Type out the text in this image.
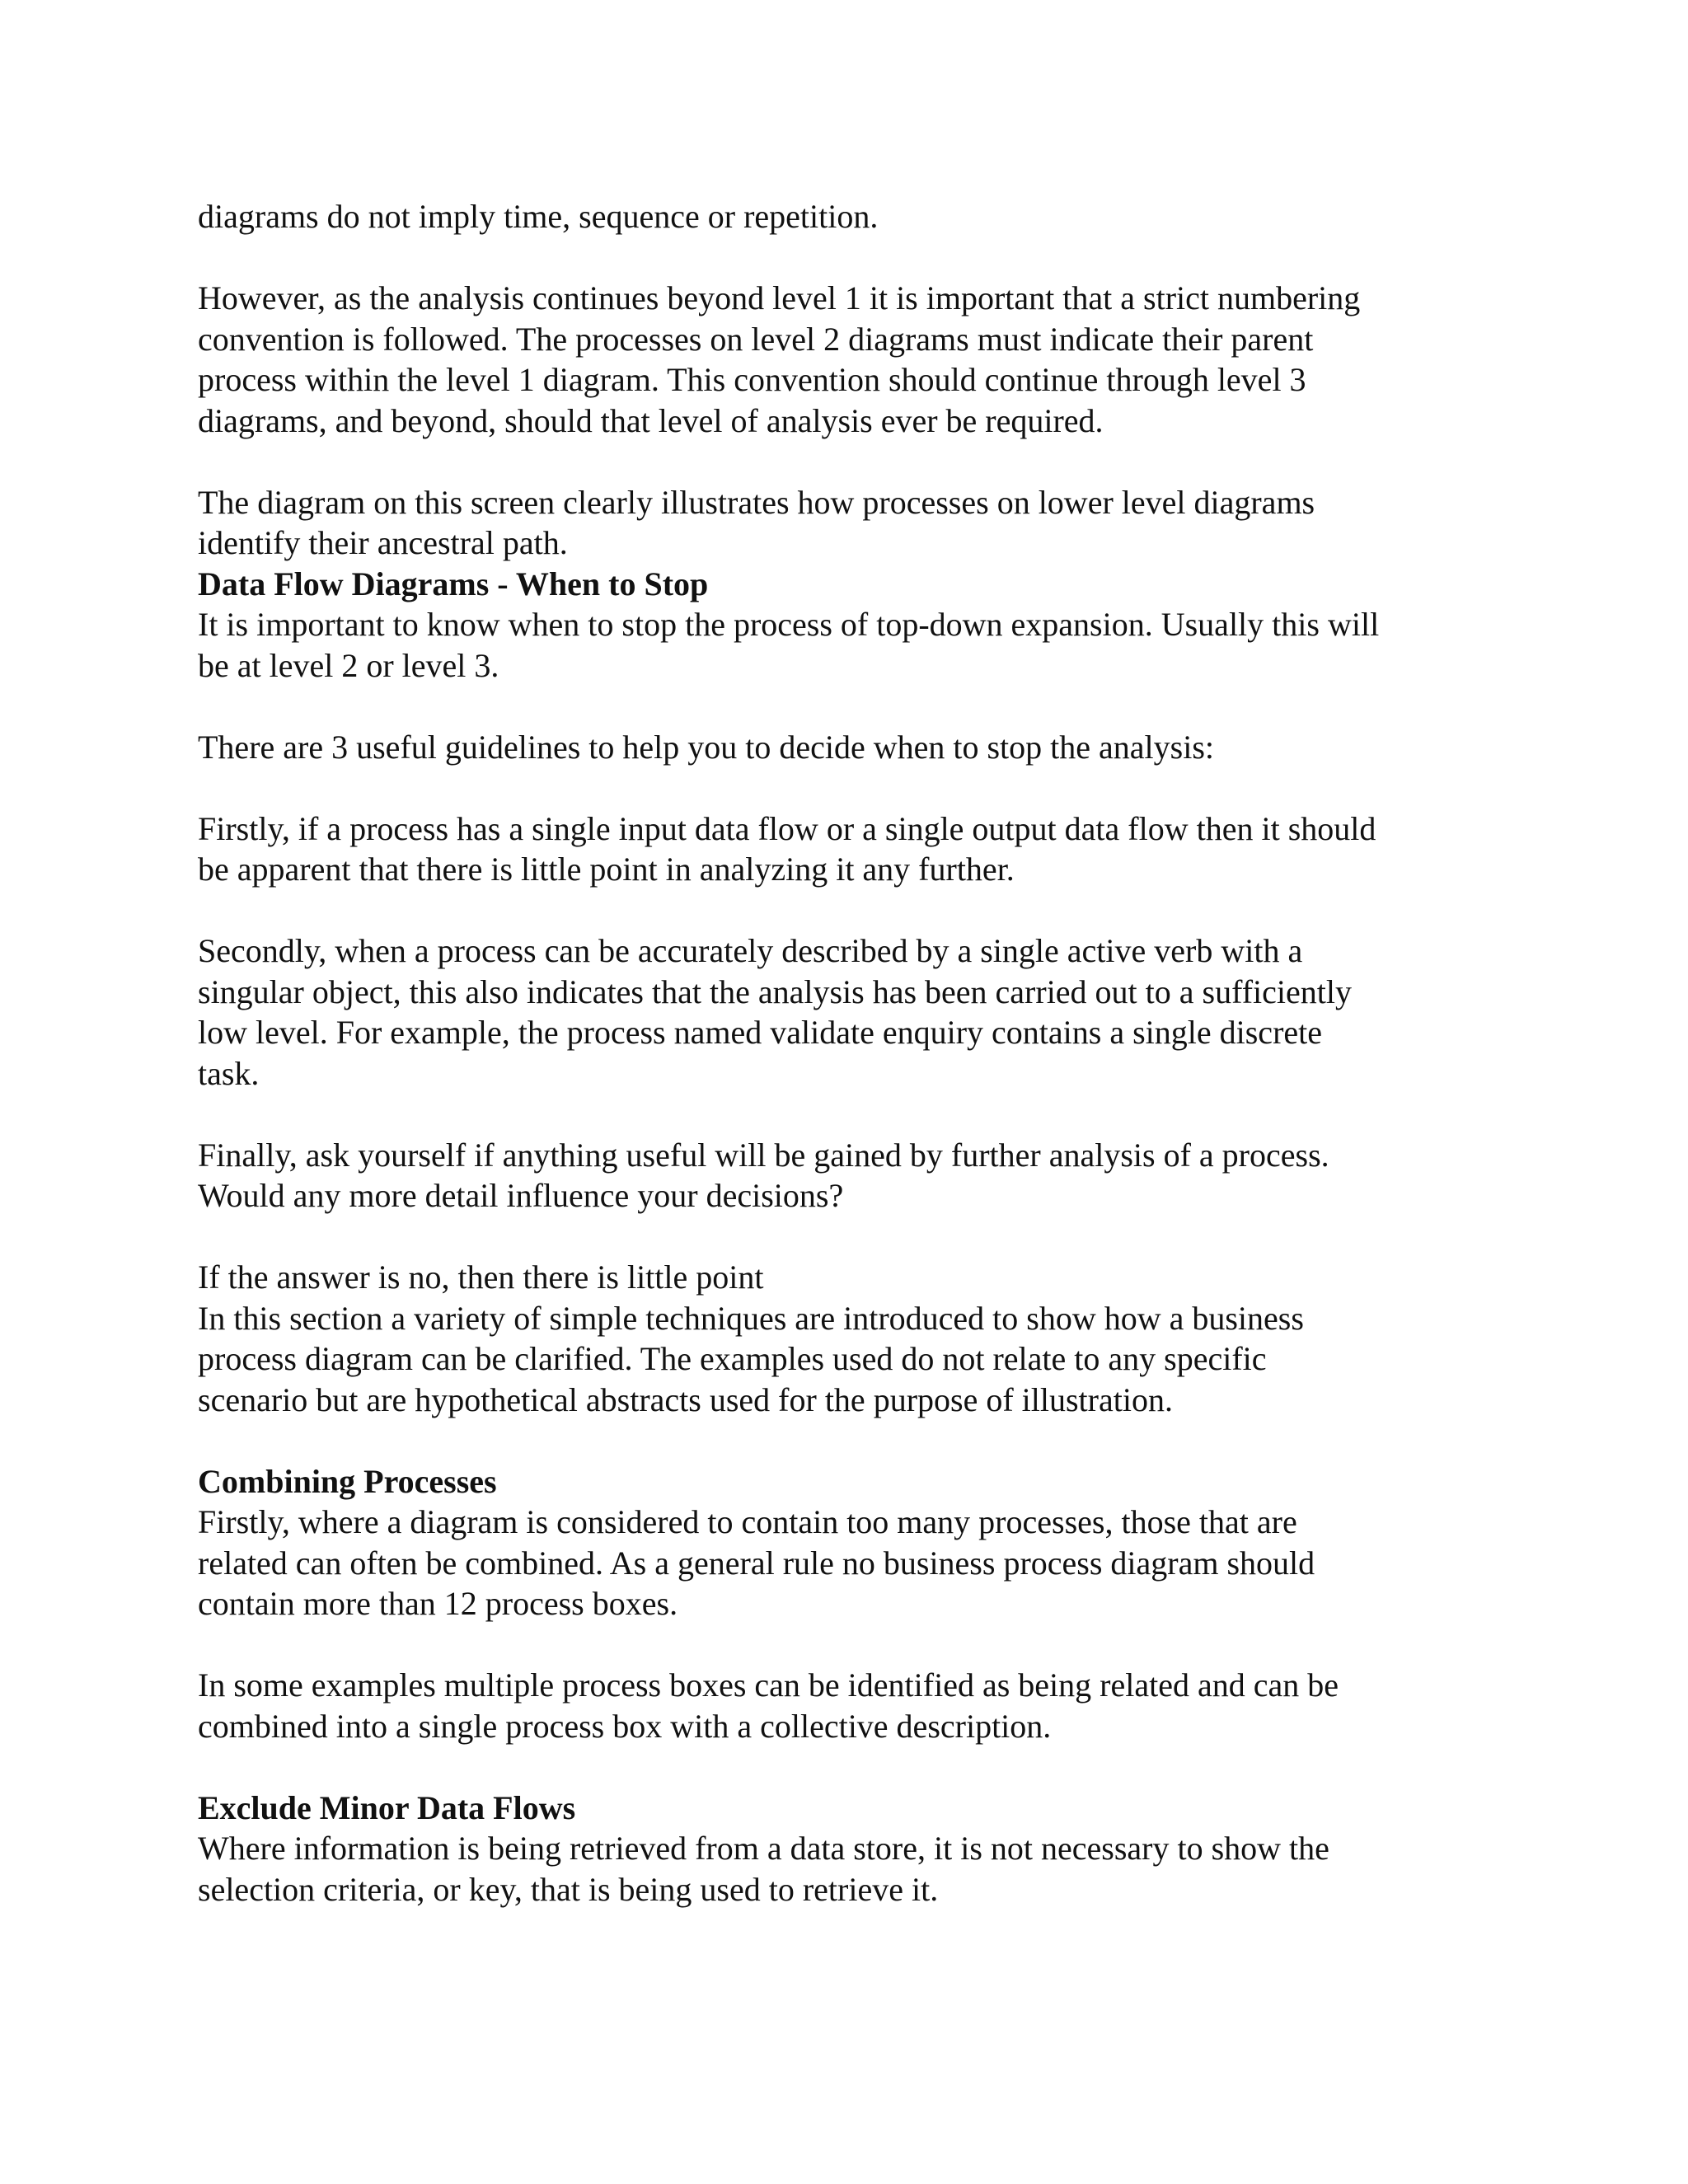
diagrams do not imply time, sequence or repetition.
However, as the analysis continues beyond level 1 it is important that a strict numbering
convention is followed. The processes on level 2 diagrams must indicate their parent
process within the level 1 diagram. This convention should continue through level 3
diagrams, and beyond, should that level of analysis ever be required.
The diagram on this screen clearly illustrates how processes on lower level diagrams
identify their ancestral path.
Data Flow Diagrams - When to Stop
It is important to know when to stop the process of top-down expansion. Usually this will
be at level 2 or level 3.
There are 3 useful guidelines to help you to decide when to stop the analysis:
Firstly, if a process has a single input data flow or a single output data flow then it should
be apparent that there is little point in analyzing it any further.
Secondly, when a process can be accurately described by a single active verb with a
singular object, this also indicates that the analysis has been carried out to a sufficiently
low level. For example, the process named validate enquiry contains a single discrete
task.
Finally, ask yourself if anything useful will be gained by further analysis of a process.
Would any more detail influence your decisions?
If the answer is no, then there is little point
In this section a variety of simple techniques are introduced to show how a business
process diagram can be clarified. The examples used do not relate to any specific
scenario but are hypothetical abstracts used for the purpose of illustration.
Combining Processes
Firstly, where a diagram is considered to contain too many processes, those that are
related can often be combined. As a general rule no business process diagram should
contain more than 12 process boxes.
In some examples multiple process boxes can be identified as being related and can be
combined into a single process box with a collective description.
Exclude Minor Data Flows
Where information is being retrieved from a data store, it is not necessary to show the
selection criteria, or key, that is being used to retrieve it.
